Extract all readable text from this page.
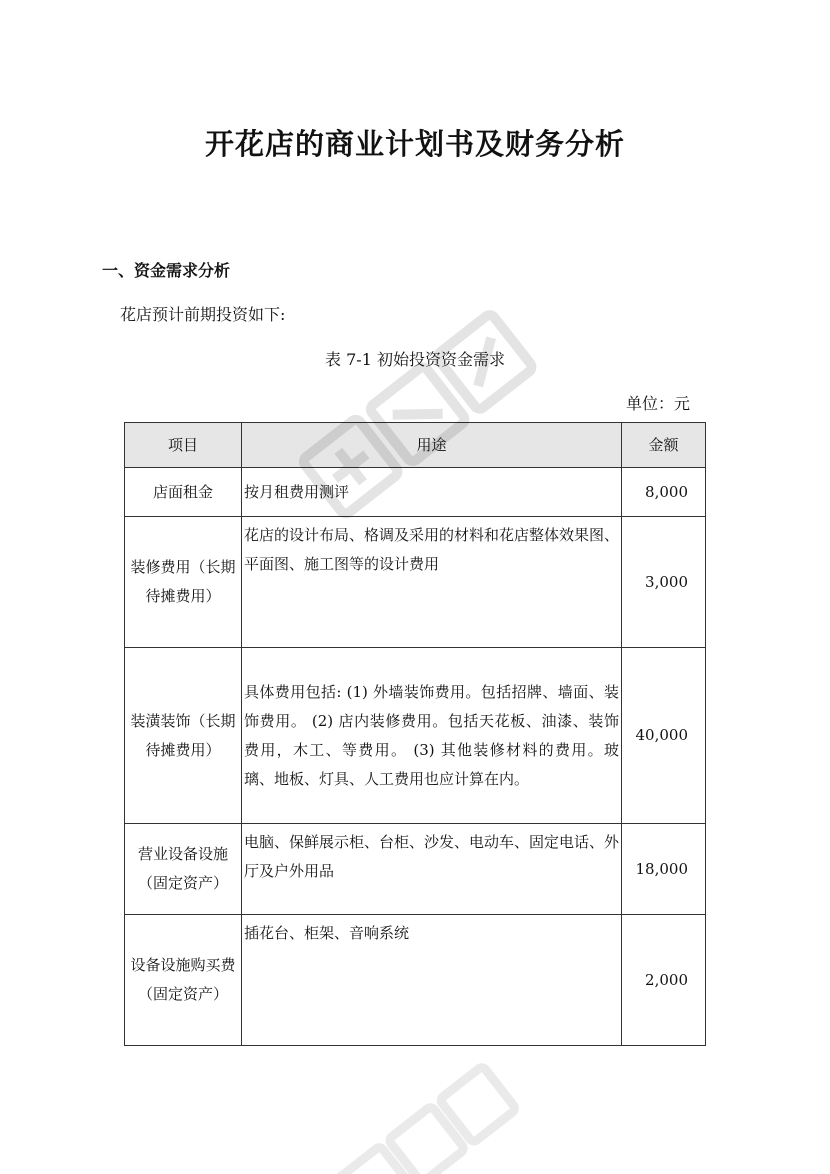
开花店的商业计划书及财务分析
一、资金需求分析

花店预计前期投资如下:

表 7-1 初始投资资金需求

单位：元

项目	用途	金额
店面租金	按月租费用测评	8,000
装修费用（长期待摊费用）	花店的设计布局、格调及采用的材料和花店整体效果图、平面图、施工图等的设计费用	3,000
装潢装饰（长期待摊费用）	具体费用包括: (1) 外墙装饰费用。包括招牌、墙面、装饰费用。 (2) 店内装修费用。包括天花板、油漆、装饰费用，木工、等费用。 (3) 其他装修材料的费用。玻璃、地板、灯具、人工费用也应计算在内。	40,000
营业设备设施（固定资产）	电脑、保鲜展示柜、台柜、沙发、电动车、固定电话、外厅及户外用品	18,000
设备设施购买费（固定资产）	插花台、柜架、音响系统	2,000
